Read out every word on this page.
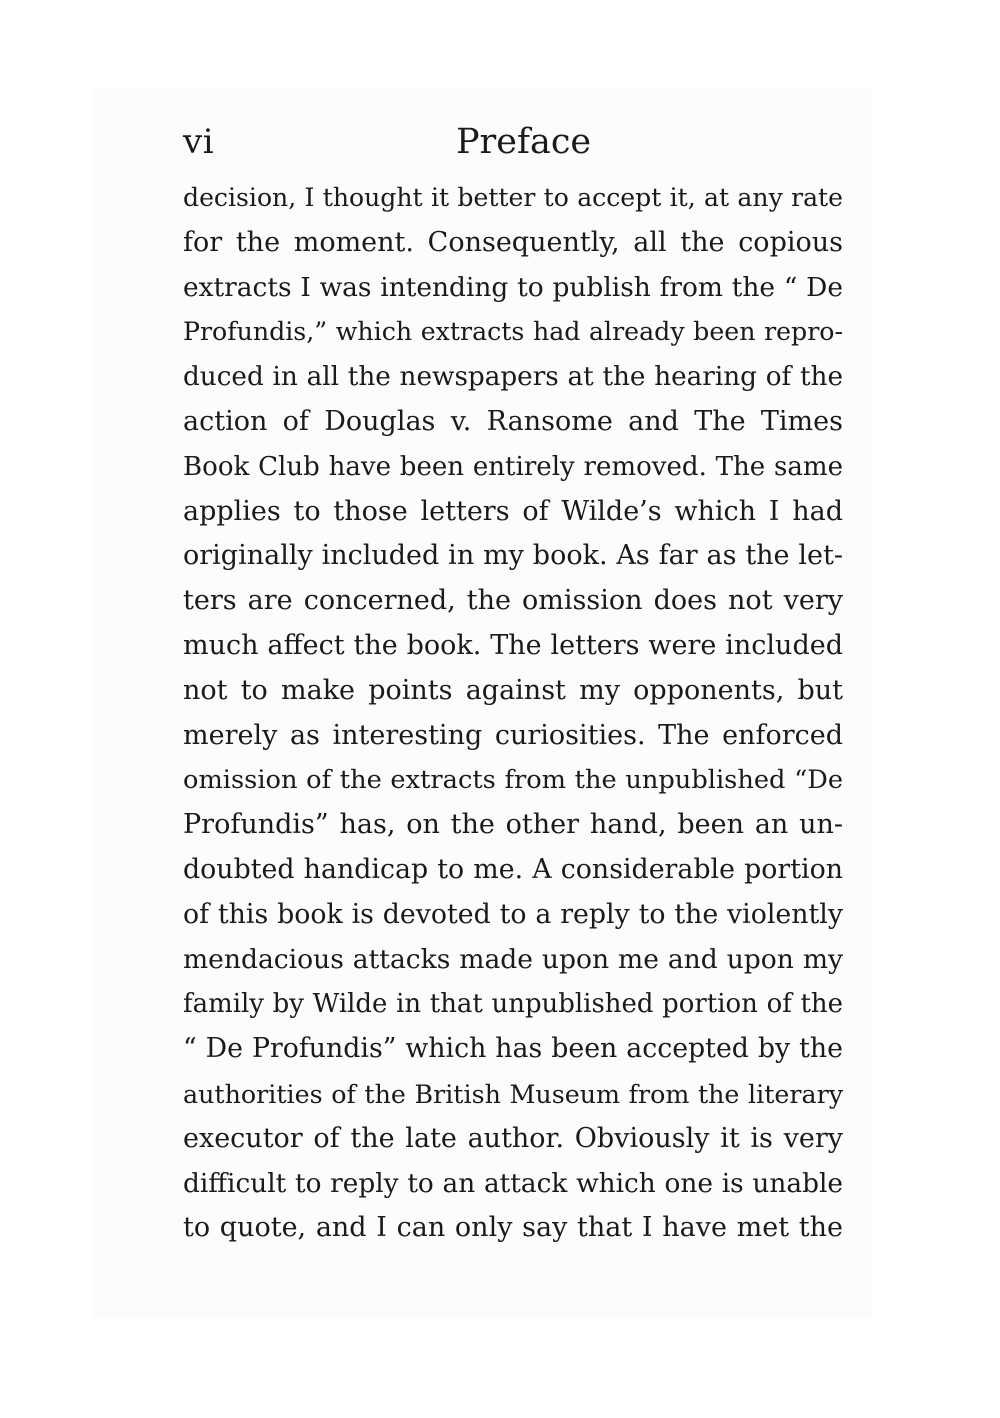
vi	Preface
decision, I thought it better to accept it, at any rate
for the moment. Consequently, all the copious
extracts I was intending to publish from the “ De
Profundis,” which extracts had already been repro-
duced in all the newspapers at the hearing of the
action of Douglas v. Ransome and The Times
Book Club have been entirely removed. The same
applies to those letters of Wilde’s which I had
originally included in my book. As far as the let-
ters are concerned, the omission does not very
much affect the book. The letters were included
not to make points against my opponents, but
merely as interesting curiosities. The enforced
omission of the extracts from the unpublished “De
Profundis” has, on the other hand, been an un-
doubted handicap to me. A considerable portion
of this book is devoted to a reply to the violently
mendacious attacks made upon me and upon my
family by Wilde in that unpublished portion of the
“ De Profundis” which has been accepted by the
authorities of the British Museum from the literary
executor of the late author. Obviously it is very
difficult to reply to an attack which one is unable
to quote, and I can only say that I have met the
